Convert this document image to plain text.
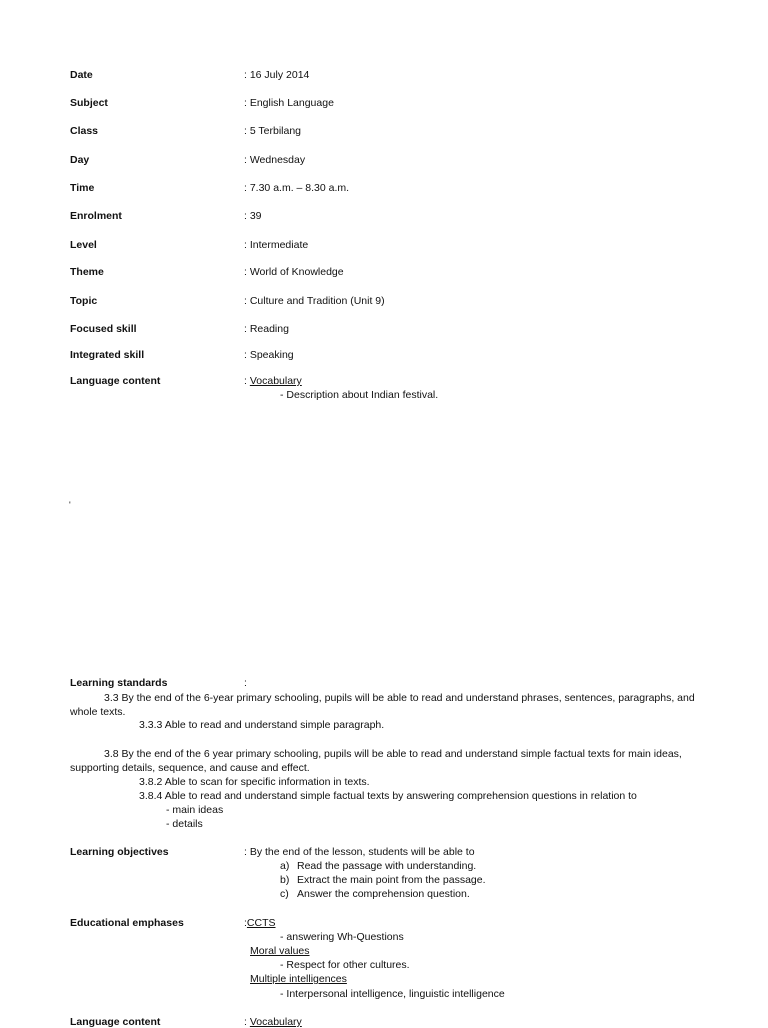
Date	: 16 July 2014
Subject	: English Language
Class	: 5 Terbilang
Day	: Wednesday
Time	: 7.30 a.m. – 8.30 a.m.
Enrolment	: 39
Level	: Intermediate
Theme	: World of Knowledge
Topic	: Culture and Tradition (Unit 9)
Focused skill	: Reading
Integrated skill	: Speaking
Language content	: Vocabulary
- Description about Indian festival.
'
Learning standards	:
3.3 By the end of the 6-year primary schooling, pupils will be able to read and understand phrases, sentences, paragraphs, and whole texts.
3.3.3 Able to read and understand simple paragraph.
3.8 By the end of the 6 year primary schooling, pupils will be able to read and understand simple factual texts for main ideas, supporting details, sequence, and cause and effect.
3.8.2 Able to scan for specific information in texts.
3.8.4 Able to read and understand simple factual texts by answering comprehension questions in relation to
- main ideas
- details
Learning objectives	: By the end of the lesson, students will be able to
a) Read the passage with understanding.
b) Extract the main point from the passage.
c) Answer the comprehension question.
Educational emphases	:CCTS
- answering Wh-Questions
Moral values
- Respect for other cultures.
Multiple intelligences
- Interpersonal intelligence, linguistic intelligence
Language content	: Vocabulary
